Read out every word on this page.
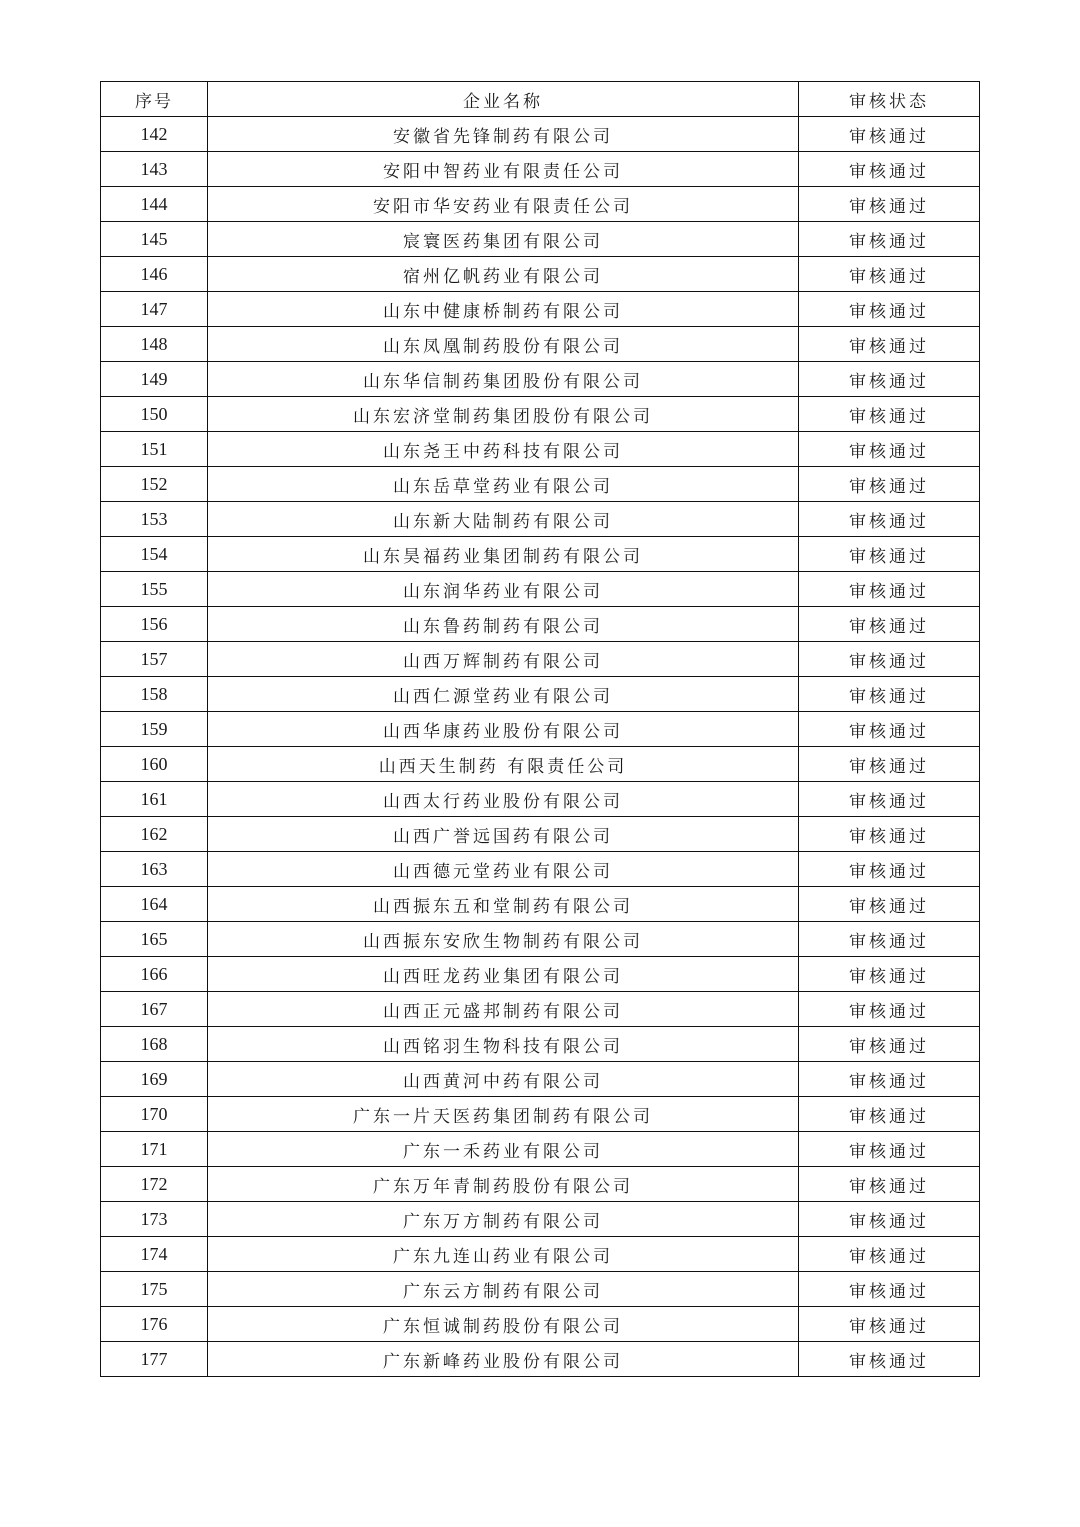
序号	企业名称	审核状态
142	安徽省先锋制药有限公司	审核通过
143	安阳中智药业有限责任公司	审核通过
144	安阳市华安药业有限责任公司	审核通过
145	宸寰医药集团有限公司	审核通过
146	宿州亿帆药业有限公司	审核通过
147	山东中健康桥制药有限公司	审核通过
148	山东凤凰制药股份有限公司	审核通过
149	山东华信制药集团股份有限公司	审核通过
150	山东宏济堂制药集团股份有限公司	审核通过
151	山东尧王中药科技有限公司	审核通过
152	山东岳草堂药业有限公司	审核通过
153	山东新大陆制药有限公司	审核通过
154	山东昊福药业集团制药有限公司	审核通过
155	山东润华药业有限公司	审核通过
156	山东鲁药制药有限公司	审核通过
157	山西万辉制药有限公司	审核通过
158	山西仁源堂药业有限公司	审核通过
159	山西华康药业股份有限公司	审核通过
160	山西天生制药 有限责任公司	审核通过
161	山西太行药业股份有限公司	审核通过
162	山西广誉远国药有限公司	审核通过
163	山西德元堂药业有限公司	审核通过
164	山西振东五和堂制药有限公司	审核通过
165	山西振东安欣生物制药有限公司	审核通过
166	山西旺龙药业集团有限公司	审核通过
167	山西正元盛邦制药有限公司	审核通过
168	山西铭羽生物科技有限公司	审核通过
169	山西黄河中药有限公司	审核通过
170	广东一片天医药集团制药有限公司	审核通过
171	广东一禾药业有限公司	审核通过
172	广东万年青制药股份有限公司	审核通过
173	广东万方制药有限公司	审核通过
174	广东九连山药业有限公司	审核通过
175	广东云方制药有限公司	审核通过
176	广东恒诚制药股份有限公司	审核通过
177	广东新峰药业股份有限公司	审核通过
